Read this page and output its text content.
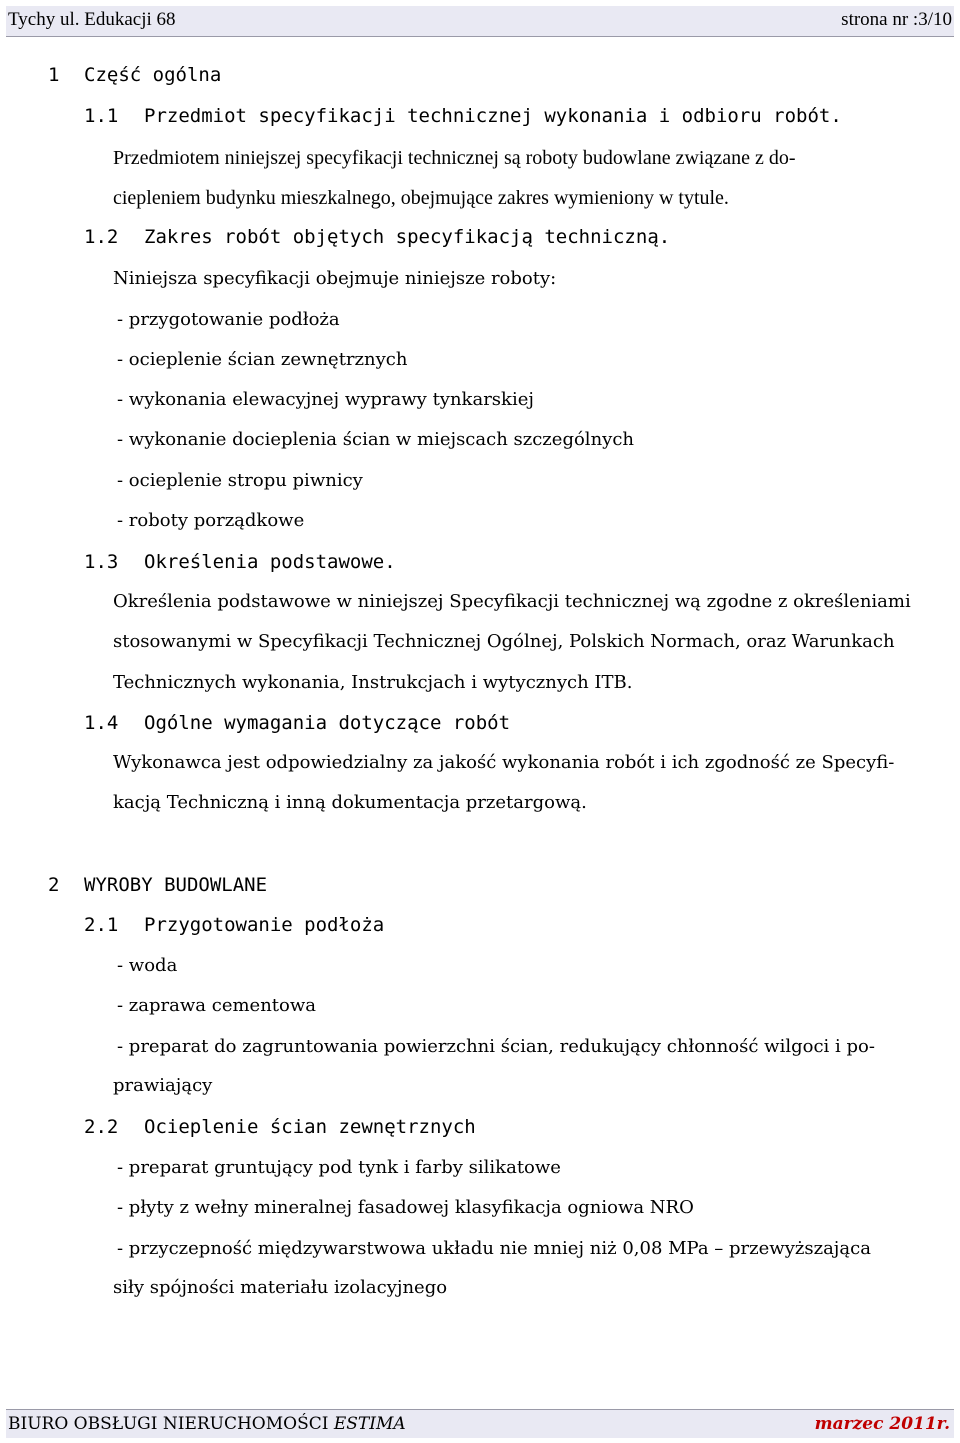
Tychy ul. Edukacji 68	strona nr :3/10
1 Część ogólna
1.1 Przedmiot specyfikacji technicznej wykonania i odbioru robót.
Przedmiotem niniejszej specyfikacji technicznej są roboty budowlane związane z do-
ciepleniem budynku mieszkalnego, obejmujące zakres wymieniony w tytule.
1.2 Zakres robót objętych specyfikacją techniczną.
Niniejsza specyfikacji obejmuje niniejsze roboty:
- przygotowanie podłoża
- ocieplenie ścian zewnętrznych
- wykonania elewacyjnej wyprawy tynkarskiej
- wykonanie docieplenia ścian w miejscach szczególnych
- ocieplenie stropu piwnicy
- roboty porządkowe
1.3 Określenia podstawowe.
Określenia podstawowe w niniejszej Specyfikacji technicznej wą zgodne z określeniami
stosowanymi w Specyfikacji Technicznej Ogólnej, Polskich Normach, oraz Warunkach
Technicznych wykonania, Instrukcjach i wytycznych ITB.
1.4 Ogólne wymagania dotyczące robót
Wykonawca jest odpowiedzialny za jakość wykonania robót i ich zgodność ze Specyfi-
kacją Techniczną i inną dokumentacja przetargową.
2 WYROBY BUDOWLANE
2.1 Przygotowanie podłoża
- woda
- zaprawa cementowa
- preparat do zagruntowania powierzchni ścian, redukujący chłonność wilgoci i po-
prawiający
2.2 Ocieplenie ścian zewnętrznych
- preparat gruntujący pod tynk i farby silikatowe
- płyty z wełny mineralnej fasadowej klasyfikacja ogniowa NRO
- przyczepność międzywarstwowa układu nie mniej niż 0,08 MPa – przewyższająca
siły spójności materiału izolacyjnego
BIURO OBSŁUGI NIERUCHOMOŚCI ESTIMA	marzec 2011r.
